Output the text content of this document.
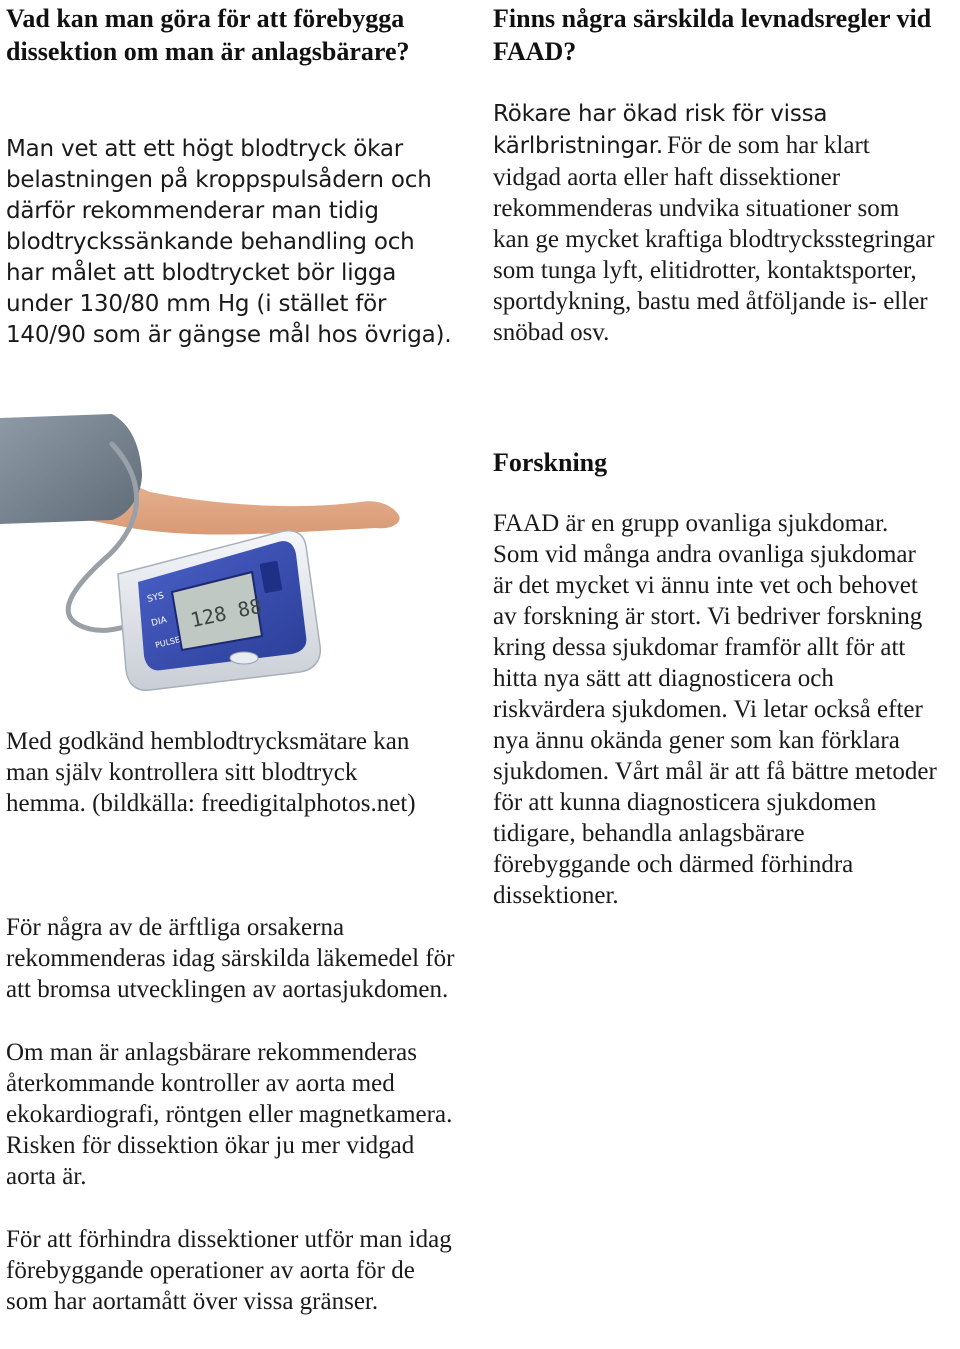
Vad kan man göra för att förebygga dissektion om man är anlagsbärare?

Man vet att ett högt blodtryck ökar belastningen på kroppspulsådern och därför rekommenderar man tidig blodtryckssänkande behandling och har målet att blodtrycket bör ligga under 130/80 mm Hg (i stället för 140/90 som är gängse mål hos övriga).

128 88
SYS
DIA
PULSE

Med godkänd hemblodtrycksmätare kan man själv kontrollera sitt blodtryck hemma. (bildkälla: freedigitalphotos.net)

För några av de ärftliga orsakerna rekommenderas idag särskilda läkemedel för att bromsa utvecklingen av aortasjukdomen.

Om man är anlagsbärare rekommenderas återkommande kontroller av aorta med ekokardiografi, röntgen eller magnetkamera. Risken för dissektion ökar ju mer vidgad aorta är.

För att förhindra dissektioner utför man idag förebyggande operationer av aorta för de som har aortamått över vissa gränser.

Finns några särskilda levnadsregler vid FAAD?
Rökare har ökad risk för vissa kärlbristningar. För de som har klart vidgad aorta eller haft dissektioner rekommenderas undvika situationer som kan ge mycket kraftiga blodtrycksstegringar som tunga lyft, elitidrotter, kontaktsporter, sportdykning, bastu med åtföljande is- eller snöbad osv.
Forskning

FAAD är en grupp ovanliga sjukdomar. Som vid många andra ovanliga sjukdomar är det mycket vi ännu inte vet och behovet av forskning är stort. Vi bedriver forskning kring dessa sjukdomar framför allt för att hitta nya sätt att diagnosticera och riskvärdera sjukdomen. Vi letar också efter nya ännu okända gener som kan förklara sjukdomen. Vårt mål är att få bättre metoder för att kunna diagnosticera sjukdomen tidigare, behandla anlagsbärare förebyggande och därmed förhindra dissektioner.
